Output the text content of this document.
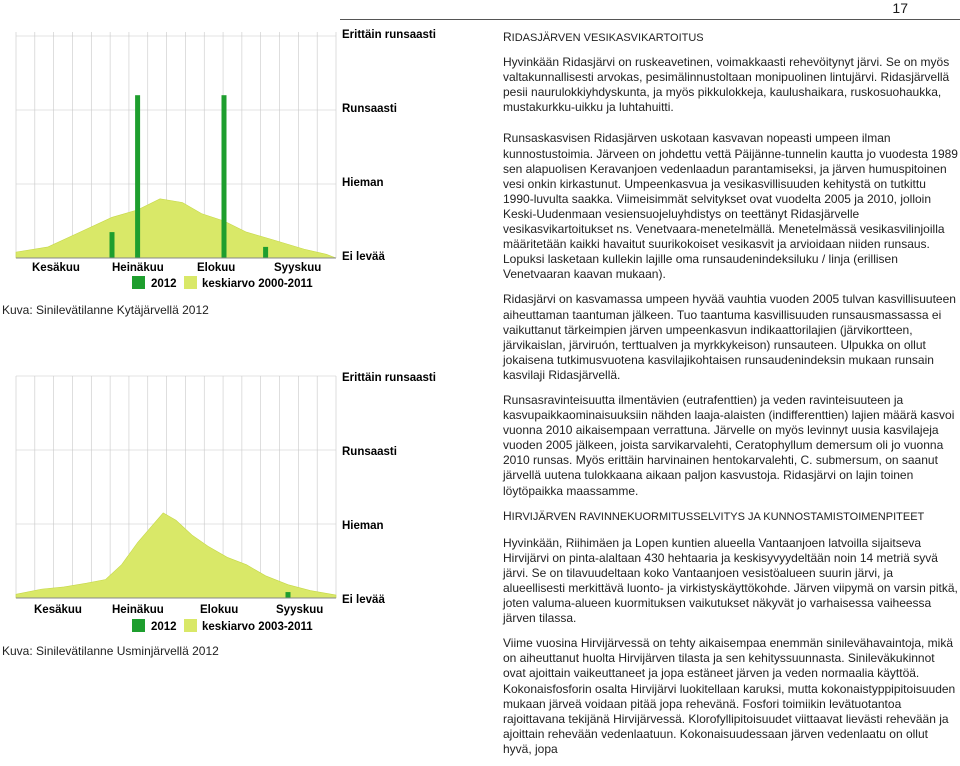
17
Erittäin runsaasti
Runsaasti
Hieman
Ei levää
Kesäkuu	Heinäkuu	Elokuu	Syyskuu
2012 keskiarvo 2000-2011
Kuva: Sinilevätilanne Kytäjärvellä 2012
Erittäin runsaasti
Runsaasti
Hieman
Ei levää
Kesäkuu	Heinäkuu	Elokuu	Syyskuu
2012 keskiarvo 2003-2011
Kuva: Sinilevätilanne Usminjärvellä 2012
RIDASJÄRVEN VESIKASVIKARTOITUS

Hyvinkään Ridasjärvi on ruskeavetinen, voimakkaasti rehevöitynyt järvi. Se on myös valtakunnallisesti arvokas, pesimälinnustoltaan monipuolinen lintujärvi. Ridasjärvellä pesii naurulokkiyhdyskunta, ja myös pikkulokkeja, kaulushaikara, ruskosuohaukka, mustakurkku-uikku ja luhtahuitti.

Runsaskasvisen Ridasjärven uskotaan kasvavan nopeasti umpeen ilman kunnostustoimia. Järveen on johdettu vettä Päijänne-tunnelin kautta jo vuodesta 1989 sen alapuolisen Keravanjoen vedenlaadun parantamiseksi, ja järven humuspitoinen vesi onkin kirkastunut. Umpeenkasvua ja vesikasvillisuuden kehitystä on tutkittu 1990-luvulta saakka. Viimeisimmät selvitykset ovat vuodelta 2005 ja 2010, jolloin Keski-Uudenmaan vesiensuojeluyhdistys on teettänyt Ridasjärvelle vesikasvikartoitukset ns. Venetvaara-menetelmällä. Menetelmässä vesikasvilinjoilla määritetään kaikki havaitut suurikokoiset vesikasvit ja arvioidaan niiden runsaus. Lopuksi lasketaan kullekin lajille oma runsaudenindeksiluku / linja (erillisen Venetvaaran kaavan mukaan).

Ridasjärvi on kasvamassa umpeen hyvää vauhtia vuoden 2005 tulvan kasvillisuuteen aiheuttaman taantuman jälkeen. Tuo taantuma kasvillisuuden runsausmassassa ei vaikuttanut tärkeimpien järven umpeenkasvun indikaattorilajien (järvikortteen, järvikaislan, järviruón, terttualven ja myrkkykeison) runsauteen. Ulpukka on ollut jokaisena tutkimusvuotena kasvilajikohtaisen runsaudenindeksin mukaan runsain kasvilaji Ridasjärvellä.

Runsasravinteisuutta ilmentävien (eutrafenttien) ja veden ravinteisuuteen ja kasvupaikkaominaisuuksiin nähden laaja-alaisten (indifferenttien) lajien määrä kasvoi vuonna 2010 aikaisempaan verrattuna. Järvelle on myös levinnyt uusia kasvilajeja vuoden 2005 jälkeen, joista sarvikarvalehti, Ceratophyllum demersum oli jo vuonna 2010 runsas. Myös erittäin harvinainen hentokarvalehti, C. submersum, on saanut järvellä uutena tulokkaana aikaan paljon kasvustoja. Ridasjärvi on lajin toinen löytöpaikka maassamme.

HIRVIJÄRVEN RAVINNEKUORMITUSSELVITYS JA KUNNOSTAMISTOIMENPITEET

Hyvinkään, Riihimäen ja Lopen kuntien alueella Vantaanjoen latvoilla sijaitseva Hirvijärvi on pinta-alaltaan 430 hehtaaria ja keskisyvyydeltään noin 14 metriä syvä järvi. Se on tilavuudeltaan koko Vantaanjoen vesistöalueen suurin järvi, ja alueellisesti merkittävä luonto- ja virkistyskäyttökohde. Järven viipymä on varsin pitkä, joten valuma-alueen kuormituksen vaikutukset näkyvät jo varhaisessa vaiheessa järven tilassa.

Viime vuosina Hirvijärvessä on tehty aikaisempaa enemmän sinilevähavaintoja, mikä on aiheuttanut huolta Hirvijärven tilasta ja sen kehityssuunnasta. Sinileväkukinnot ovat ajoittain vaikeuttaneet ja jopa estäneet järven ja veden normaalia käyttöä. Kokonaisfosforin osalta Hirvijärvi luokitellaan karuksi, mutta kokonaistyppipitoisuuden mukaan järveä voidaan pitää jopa rehevänä. Fosfori toimiikin levätuotantoa rajoittavana tekijänä Hirvijärvessä. Klorofyllipitoisuudet viittaavat lievästi rehevään ja ajoittain rehevään vedenlaatuun. Kokonaisuudessaan järven vedenlaatu on ollut hyvä, jopa
